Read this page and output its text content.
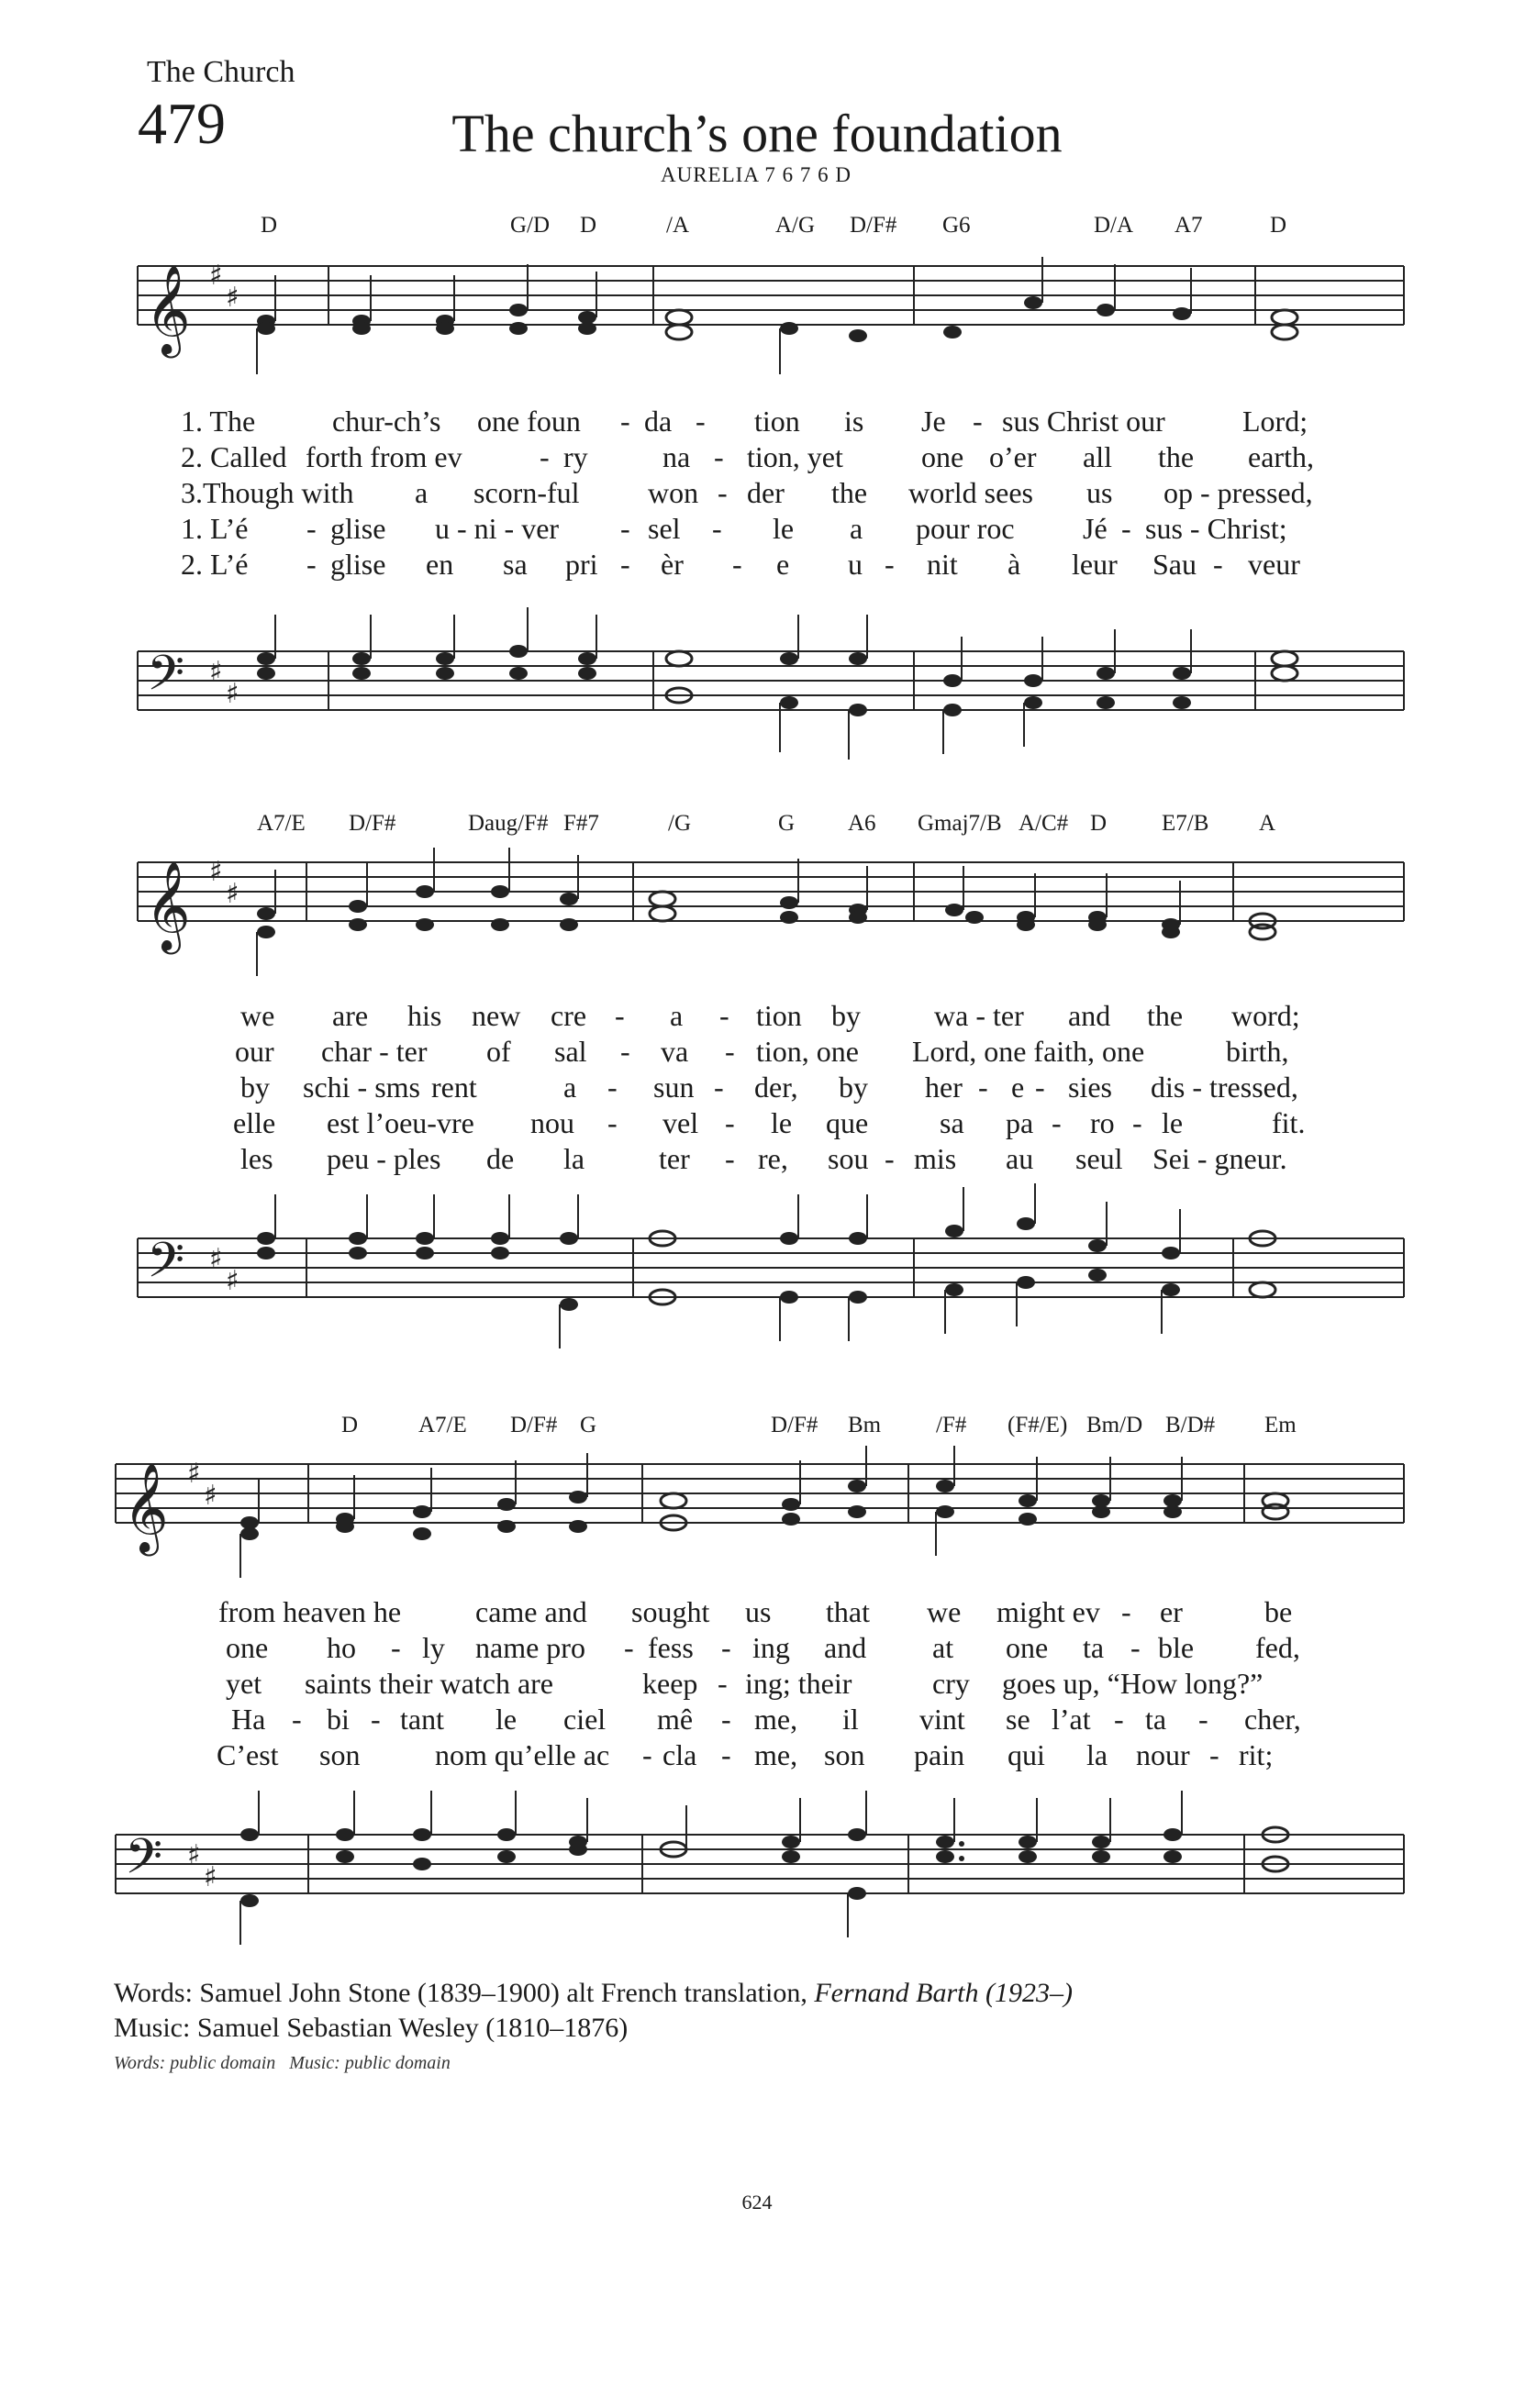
The Church
479	The church’s one foundation
AURELIA 7 6 7 6 D
D	G/D D	/A	A/G D/F# G6	D/A A7	D
𝄞 ♯
♯
1. The	chur-ch’s one foun - da - tion is Je - sus Christ our	Lord;
2. Called forth from ev	- ry	na - tion, yet	one o’er all the earth,
3.Though with a scorn-ful won - der the world sees us op - pressed,
1. L’é - glise u - ni - ver - sel - le a pour roc Jé - sus - Christ;
2. L’é - glise en sa pri - èr - e u - nit à leur Sau - veur
𝄢 ♯
♯
A7/E D/F#	Daug/F# F#7	/G	G A6 Gmaj7/B A/C# D E7/B A
𝄞 ♯
♯
we are his new cre - a - tion by	wa - ter and the word;
our char - ter of sal - va - tion, one Lord, one faith, one	birth,
by schi - sms rent	a - sun - der, by her - e - sies dis - tressed,
elle est l’oeu-vre nou - vel - le que sa pa - ro - le	fit.
les peu - ples de la	ter - re, sou - mis au seul Sei - gneur.
𝄢 ♯
♯
D	A7/E D/F# G	D/F# Bm /F# (F#/E) Bm/D B/D# Em
𝄞 ♯
♯
from heaven he	came and sought us that we might ev - er	be
one ho - ly name pro - fess - ing and at one ta - ble fed,
yet saints their watch are	keep - ing; their	cry goes up, “How long?”
Ha - bi - tant le ciel mê - me, il vint se l’at - ta - cher,
C’est son	nom qu’elle ac - cla - me, son pain qui la nour - rit;
𝄢 ♯
♯
Words: Samuel John Stone (1839–1900) alt French translation, Fernand Barth (1923–)
Music: Samuel Sebastian Wesley (1810–1876)
Words: public domain   Music: public domain
624
